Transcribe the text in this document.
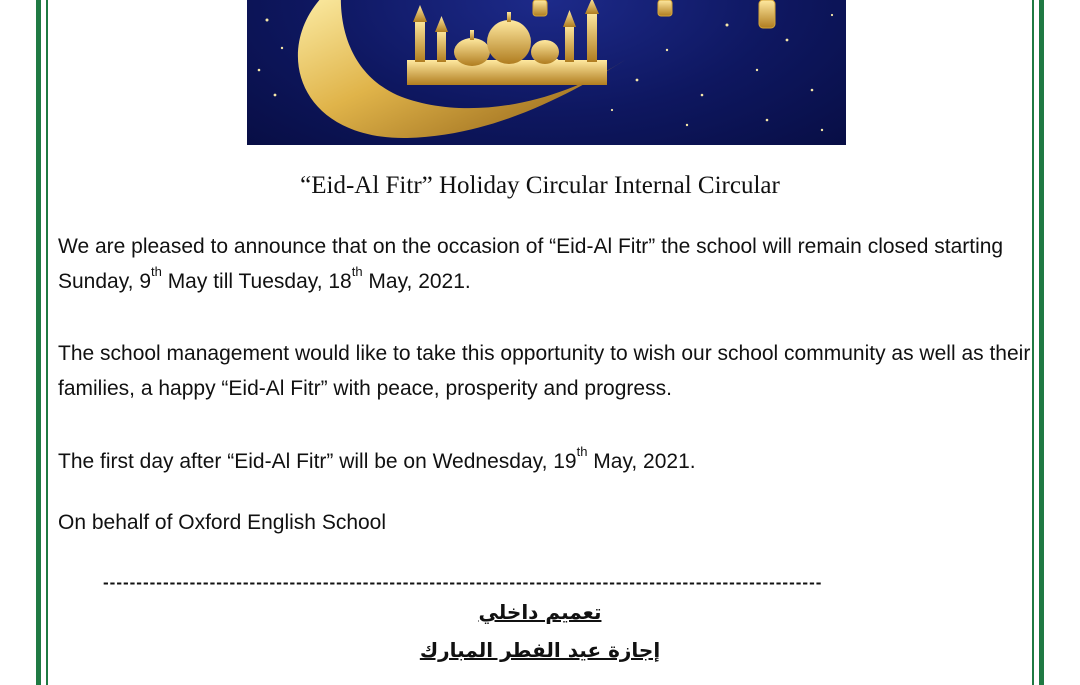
“Eid-Al Fitr” Holiday Circular Internal Circular
We are pleased to announce that on the occasion of “Eid-Al Fitr” the school will remain closed starting Sunday, 9th May till Tuesday, 18th May, 2021.
The school management would like to take this opportunity to wish our school community as well as their families, a happy “Eid-Al Fitr” with peace, prosperity and progress.
The first day after “Eid-Al Fitr” will be on Wednesday, 19th May, 2021.
On behalf of Oxford English School
------------------------------------------------------------------------------------------------------------
تعميم داخلي
إجازة عيد الفطر المبارك
